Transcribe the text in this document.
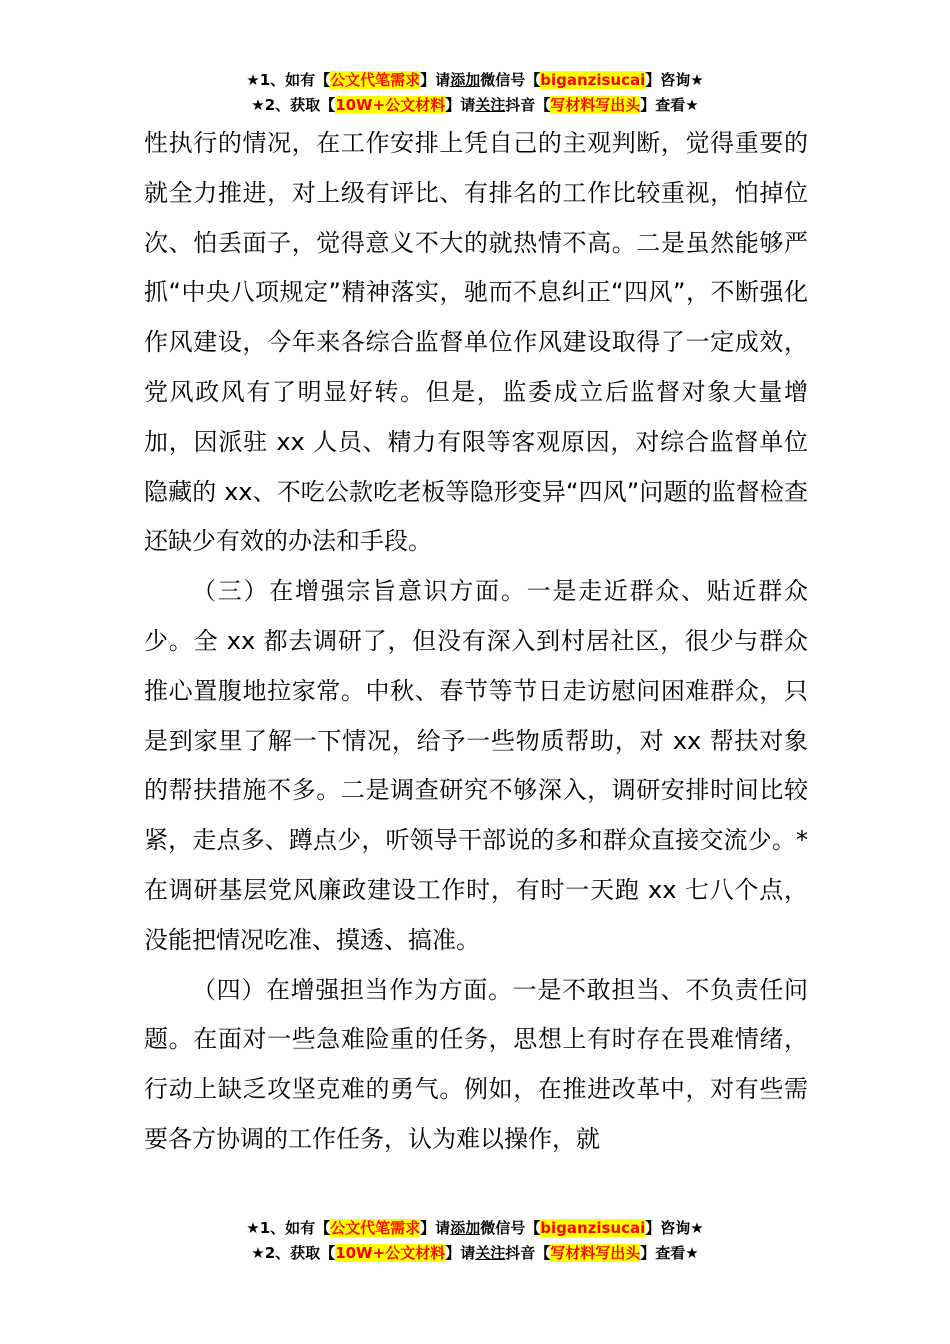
★1、如有【公文代笔需求】请添加微信号【biganzisucai】咨询★
★2、获取【10W+公文材料】请关注抖音【写材料写出头】查看★

性执行的情况，在工作安排上凭自己的主观判断，觉得重要的就全力推进，对上级有评比、有排名的工作比较重视，怕掉位次、怕丢面子，觉得意义不大的就热情不高。二是虽然能够严抓“中央八项规定”精神落实，驰而不息纠正“四风”，不断强化作风建设，今年来各综合监督单位作风建设取得了一定成效，党风政风有了明显好转。但是，监委成立后监督对象大量增加，因派驻 xx 人员、精力有限等客观原因，对综合监督单位隐藏的 xx、不吃公款吃老板等隐形变异“四风”问题的监督检查还缺少有效的办法和手段。

（三）在增强宗旨意识方面。一是走近群众、贴近群众少。全 xx 都去调研了，但没有深入到村居社区，很少与群众推心置腹地拉家常。中秋、春节等节日走访慰问困难群众，只是到家里了解一下情况，给予一些物质帮助，对 xx 帮扶对象的帮扶措施不多。二是调查研究不够深入，调研安排时间比较紧，走点多、蹲点少，听领导干部说的多和群众直接交流少。*在调研基层党风廉政建设工作时，有时一天跑 xx 七八个点，没能把情况吃准、摸透、搞准。

（四）在增强担当作为方面。一是不敢担当、不负责任问题。在面对一些急难险重的任务，思想上有时存在畏难情绪，行动上缺乏攻坚克难的勇气。例如，在推进改革中，对有些需要各方协调的工作任务，认为难以操作，就

★1、如有【公文代笔需求】请添加微信号【biganzisucai】咨询★
★2、获取【10W+公文材料】请关注抖音【写材料写出头】查看★
